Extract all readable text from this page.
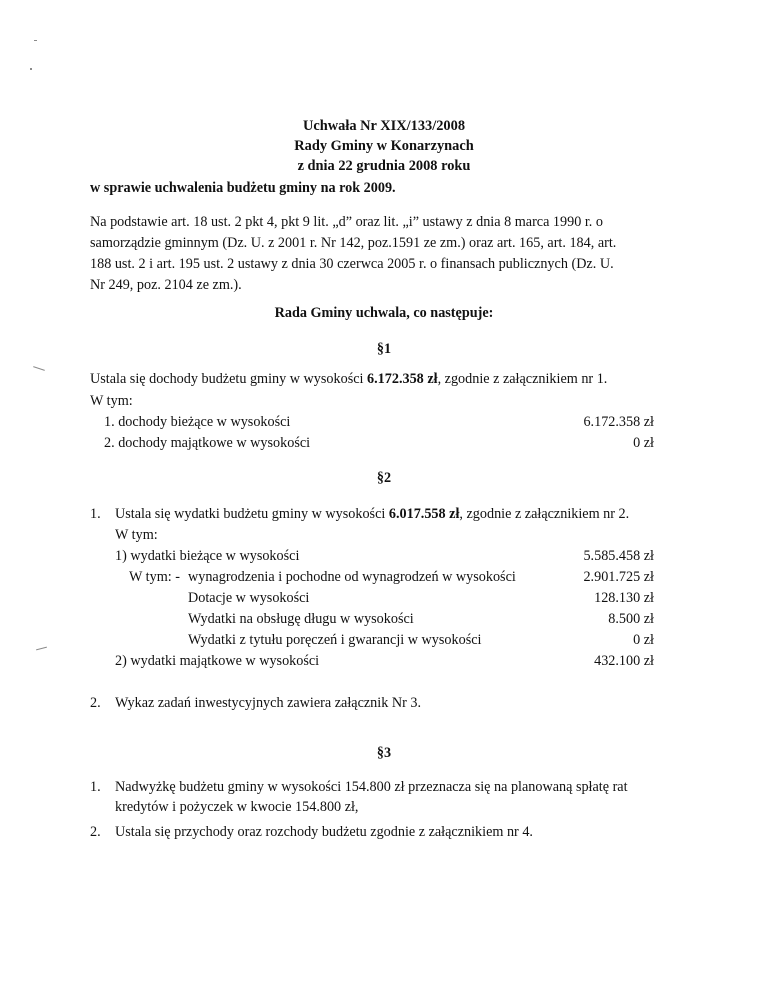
Uchwała Nr XIX/133/2008
Rady Gminy w Konarzynach
z dnia 22 grudnia 2008 roku
w sprawie uchwalenia budżetu gminy na rok 2009.
Na podstawie art. 18 ust. 2 pkt 4, pkt 9 lit. „d” oraz lit. „i” ustawy z dnia 8 marca 1990 r. o
samorządzie gminnym (Dz. U. z 2001 r. Nr 142, poz.1591 ze zm.) oraz art. 165, art. 184, art.
188 ust. 2 i art. 195 ust. 2 ustawy z dnia 30 czerwca 2005 r. o finansach publicznych (Dz. U.
Nr 249, poz. 2104 ze zm.).
Rada Gminy uchwala, co następuje:
§1
Ustala się dochody budżetu gminy w wysokości 6.172.358 zł, zgodnie z załącznikiem nr 1.
W tym:
1. dochody bieżące w wysokości	6.172.358 zł
2. dochody majątkowe w wysokości	0 zł
§2
1. Ustala się wydatki budżetu gminy w wysokości 6.017.558 zł, zgodnie z załącznikiem nr 2.
W tym:
1) wydatki bieżące w wysokości	5.585.458 zł
W tym: - wynagrodzenia i pochodne od wynagrodzeń w wysokości	2.901.725 zł
Dotacje w wysokości	128.130 zł
Wydatki na obsługę długu w wysokości	8.500 zł
Wydatki z tytułu poręczeń i gwarancji w wysokości	0 zł
2) wydatki majątkowe w wysokości	432.100 zł
2. Wykaz zadań inwestycyjnych zawiera załącznik Nr 3.
§3
1. Nadwyżkę budżetu gminy w wysokości 154.800 zł przeznacza się na planowaną spłatę rat
kredytów i pożyczek w kwocie 154.800 zł,
2. Ustala się przychody oraz rozchody budżetu zgodnie z załącznikiem nr 4.
